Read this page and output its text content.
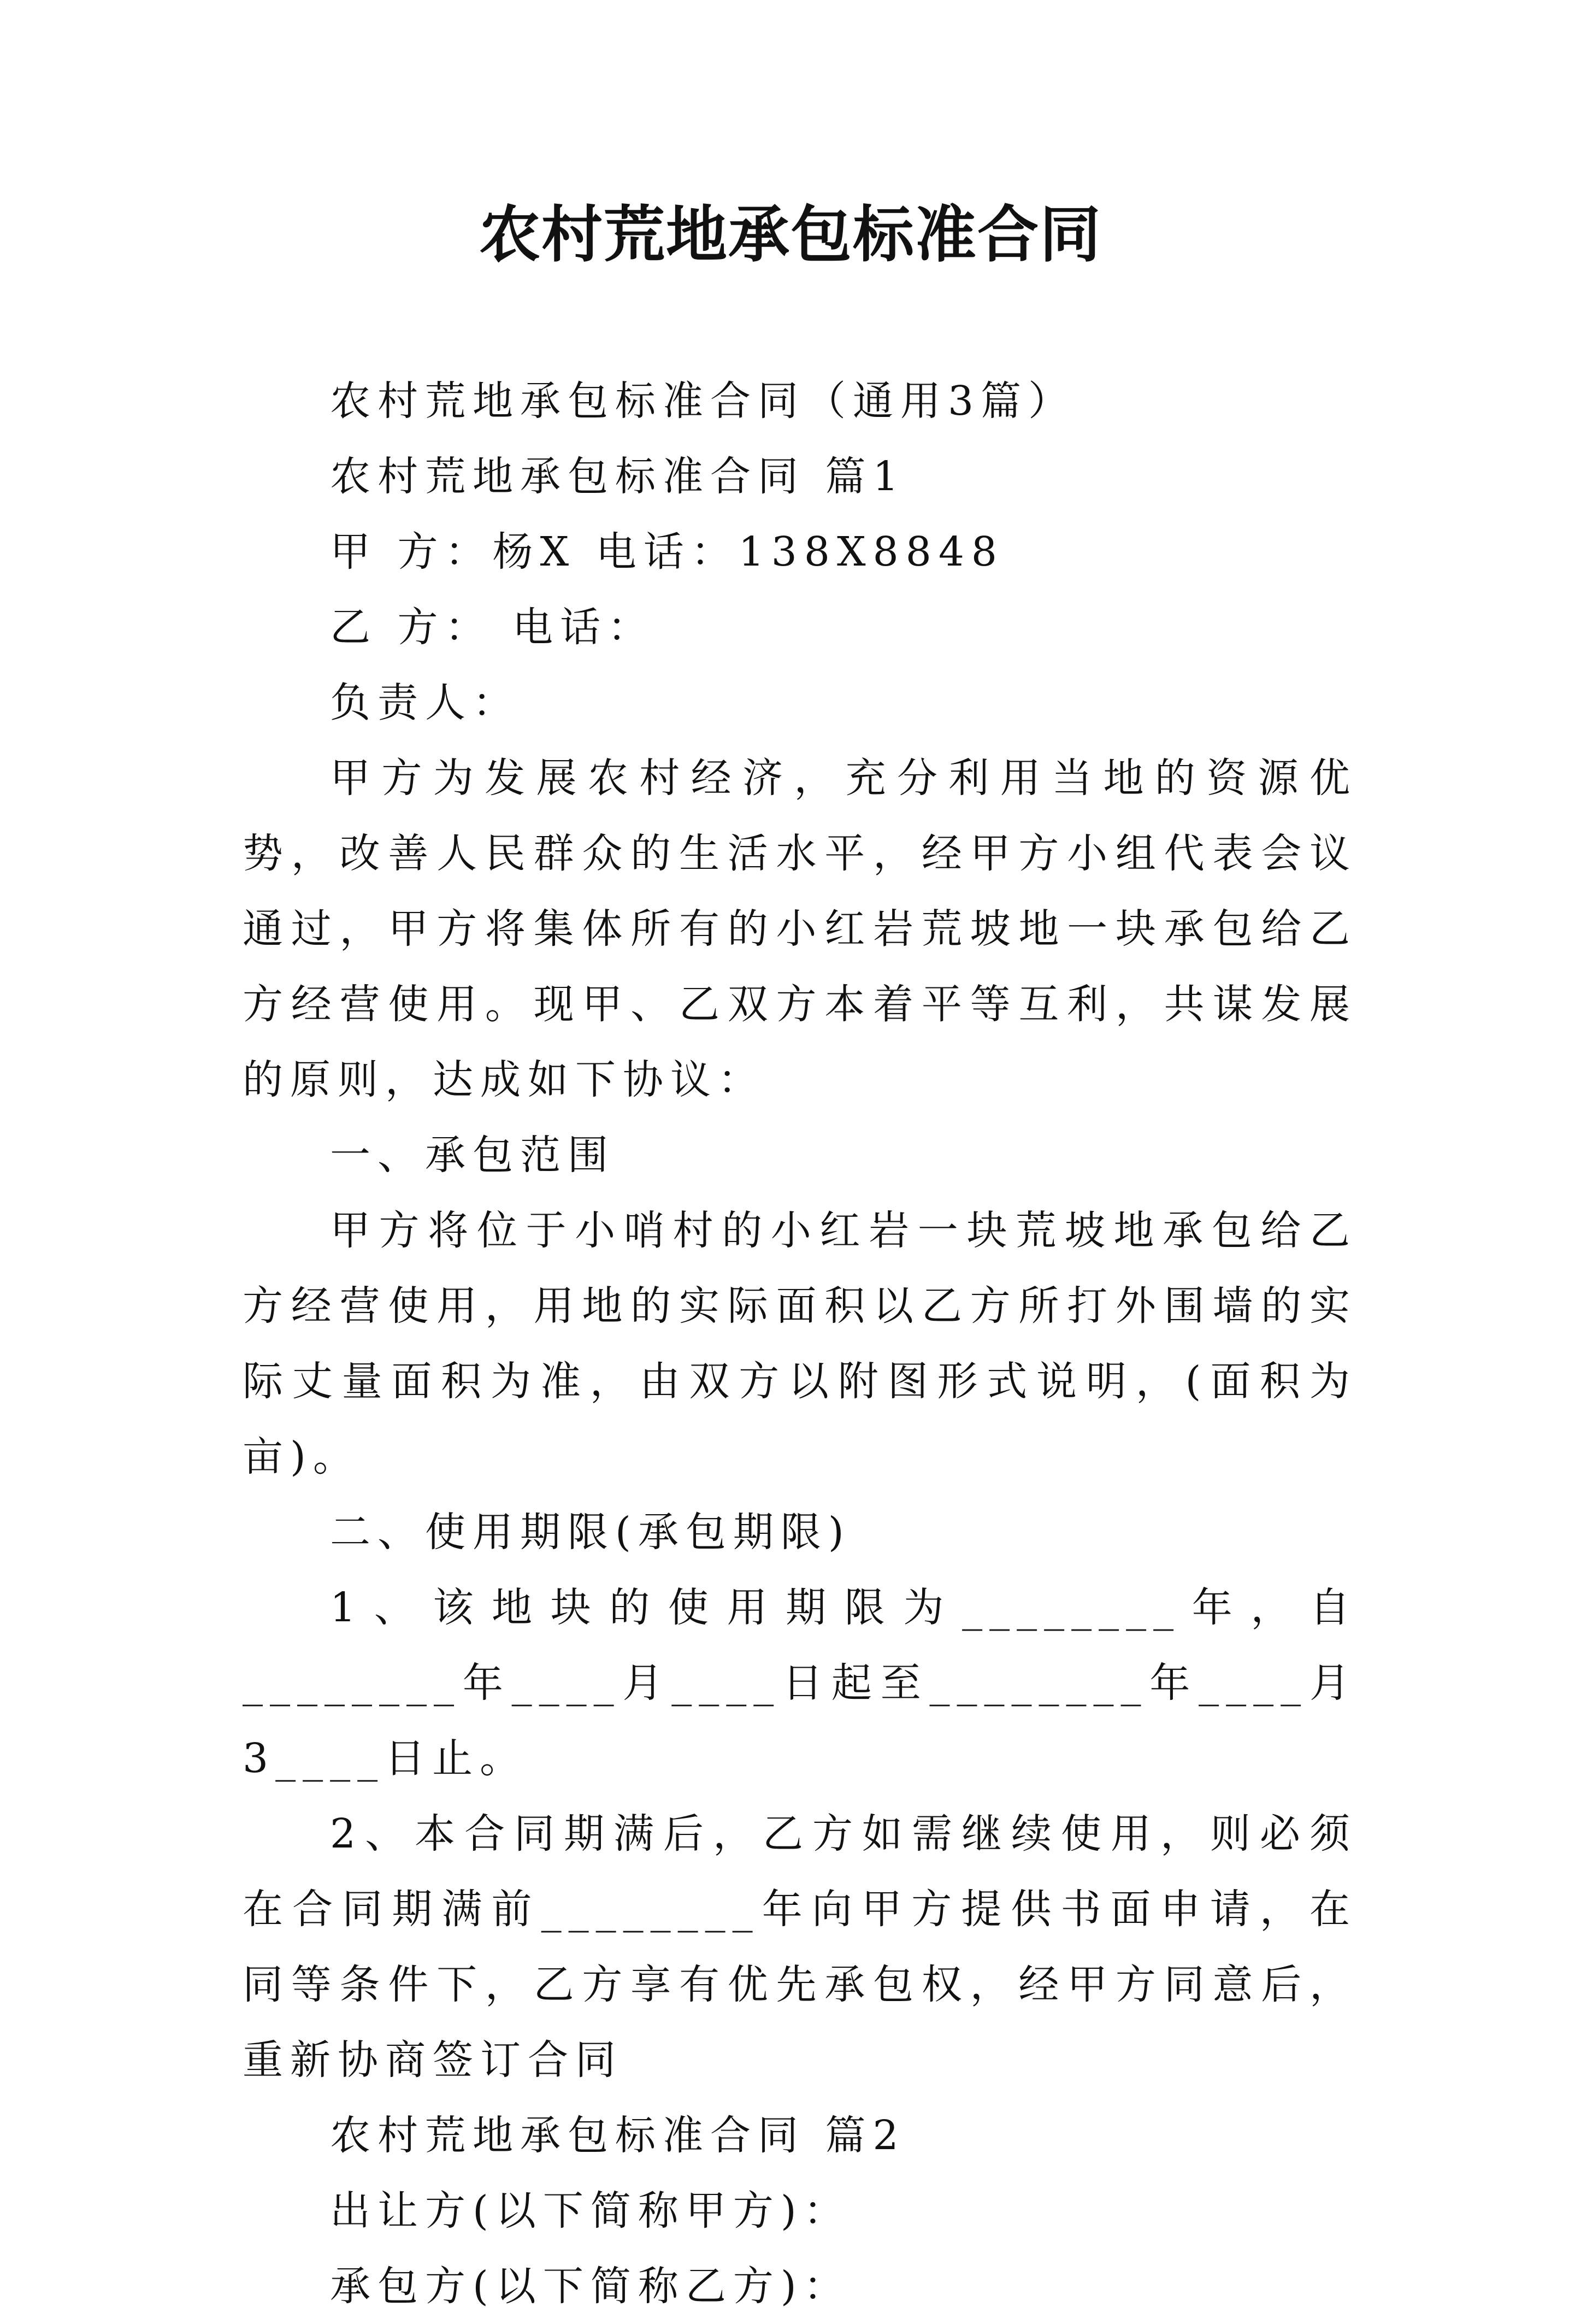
农村荒地承包标准合同

农村荒地承包标准合同（通用3篇）

农村荒地承包标准合同 篇1

甲 方：杨X 电话：138X8848

乙 方： 电话：

负责人：

甲方为发展农村经济，充分利用当地的资源优势，改善人民群众的生活水平，经甲方小组代表会议通过，甲方将集体所有的小红岩荒坡地一块承包给乙方经营使用。现甲、乙双方本着平等互利，共谋发展的原则，达成如下协议：

一、承包范围

甲方将位于小哨村的小红岩一块荒坡地承包给乙方经营使用，用地的实际面积以乙方所打外围墙的实际丈量面积为准，由双方以附图形式说明，(面积为 亩)。

二、使用期限(承包期限)

1、该地块的使用期限为________年，自________年____月____日起至________年____月3____日止。

2、本合同期满后，乙方如需继续使用，则必须在合同期满前________年向甲方提供书面申请，在同等条件下，乙方享有优先承包权，经甲方同意后，重新协商签订合同

农村荒地承包标准合同 篇2

出让方(以下简称甲方)：

承包方(以下简称乙方)：
